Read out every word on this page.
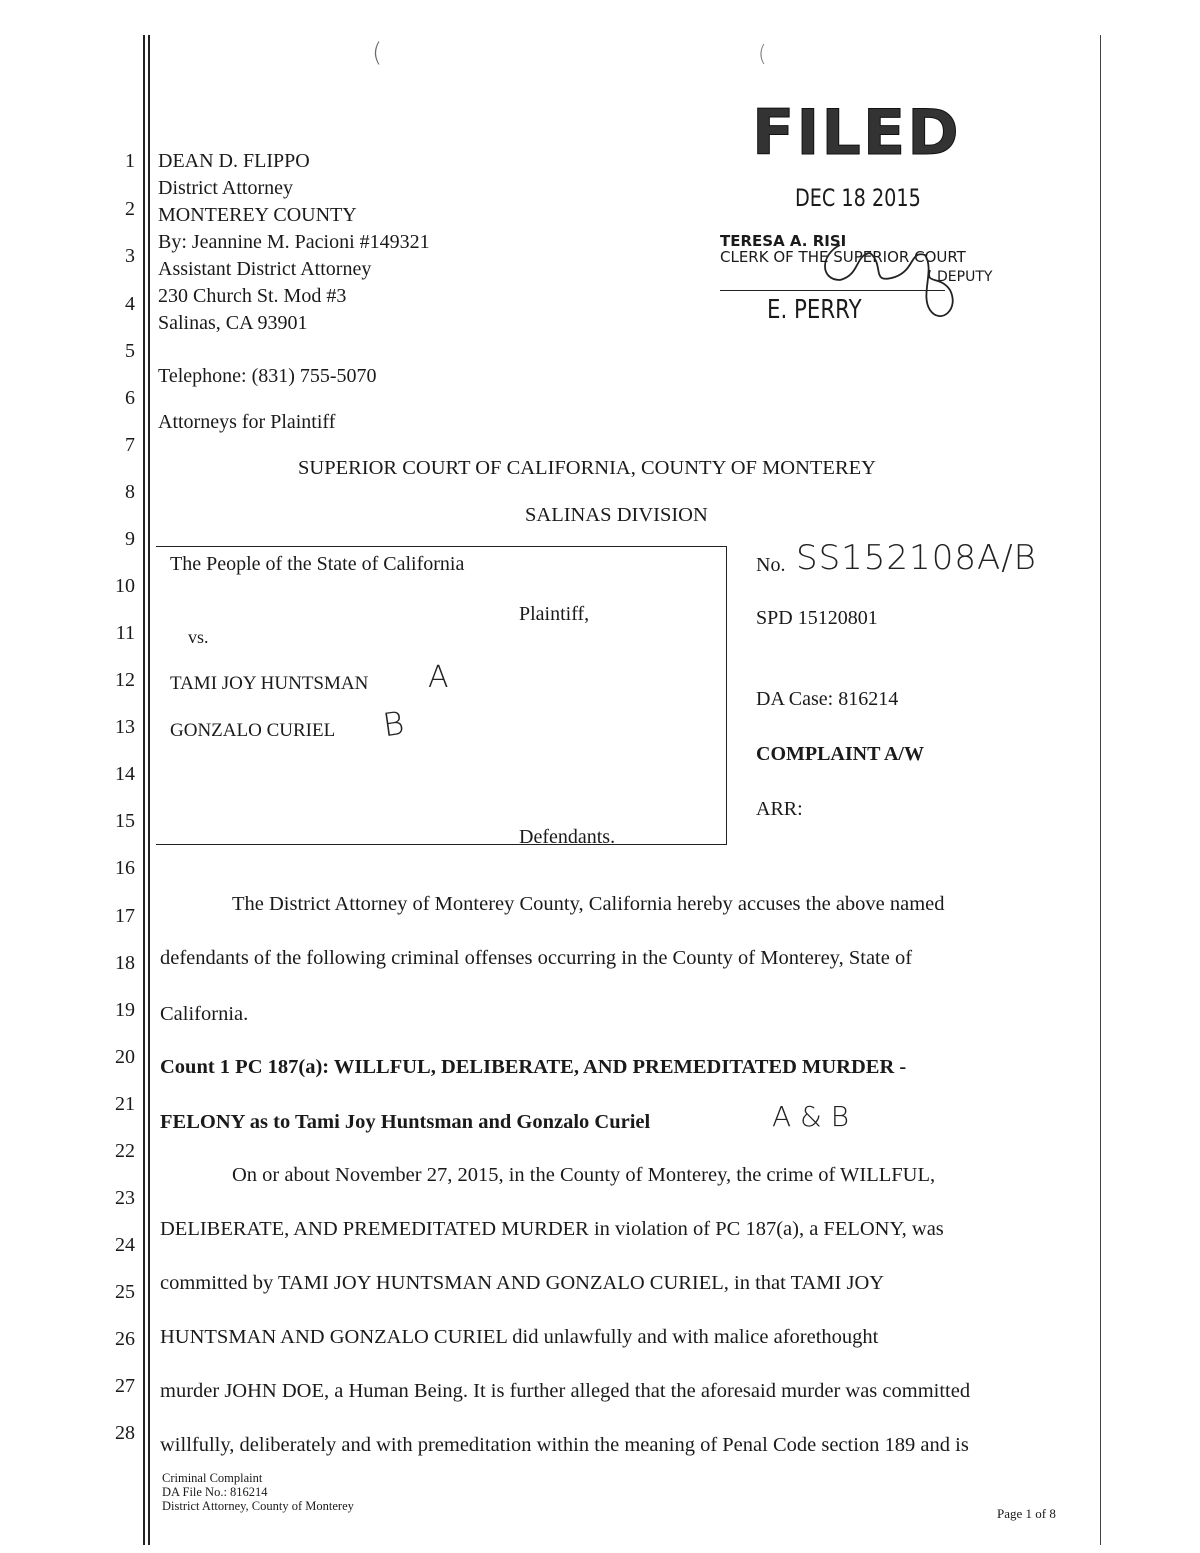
(	(
1
2
3
4
5
6
7
8
9
10
11
12
13
14
15
16
17
18
19
20
21
22
23
24
25
26
27
28
DEAN D. FLIPPO
District Attorney
MONTEREY COUNTY
By: Jeannine M. Pacioni #149321
Assistant District Attorney
230 Church St. Mod #3
Salinas, CA 93901
Telephone: (831) 755-5070
Attorneys for Plaintiff
FILED
DEC 18 2015
TERESA A. RISI
CLERK OF THE SUPERIOR COURT
DEPUTY
E. PERRY
SUPERIOR COURT OF CALIFORNIA, COUNTY OF MONTEREY
SALINAS DIVISION
The People of the State of California
Plaintiff,
vs.
TAMI JOY HUNTSMAN A
GONZALO CURIEL B
Defendants.
No. SS152108A/B
SPD 15120801
DA Case: 816214
COMPLAINT A/W
ARR:
The District Attorney of Monterey County, California hereby accuses the above named
defendants of the following criminal offenses occurring in the County of Monterey, State of
California.
Count 1 PC 187(a): WILLFUL, DELIBERATE, AND PREMEDITATED MURDER -
FELONY as to Tami Joy Huntsman and Gonzalo Curiel	A & B
On or about November 27, 2015, in the County of Monterey, the crime of WILLFUL,
DELIBERATE, AND PREMEDITATED MURDER in violation of PC 187(a), a FELONY, was
committed by TAMI JOY HUNTSMAN AND GONZALO CURIEL, in that TAMI JOY
HUNTSMAN AND GONZALO CURIEL did unlawfully and with malice aforethought
murder JOHN DOE, a Human Being. It is further alleged that the aforesaid murder was committed
willfully, deliberately and with premeditation within the meaning of Penal Code section 189 and is
Criminal Complaint
DA File No.: 816214
District Attorney, County of Monterey	Page 1 of 8
